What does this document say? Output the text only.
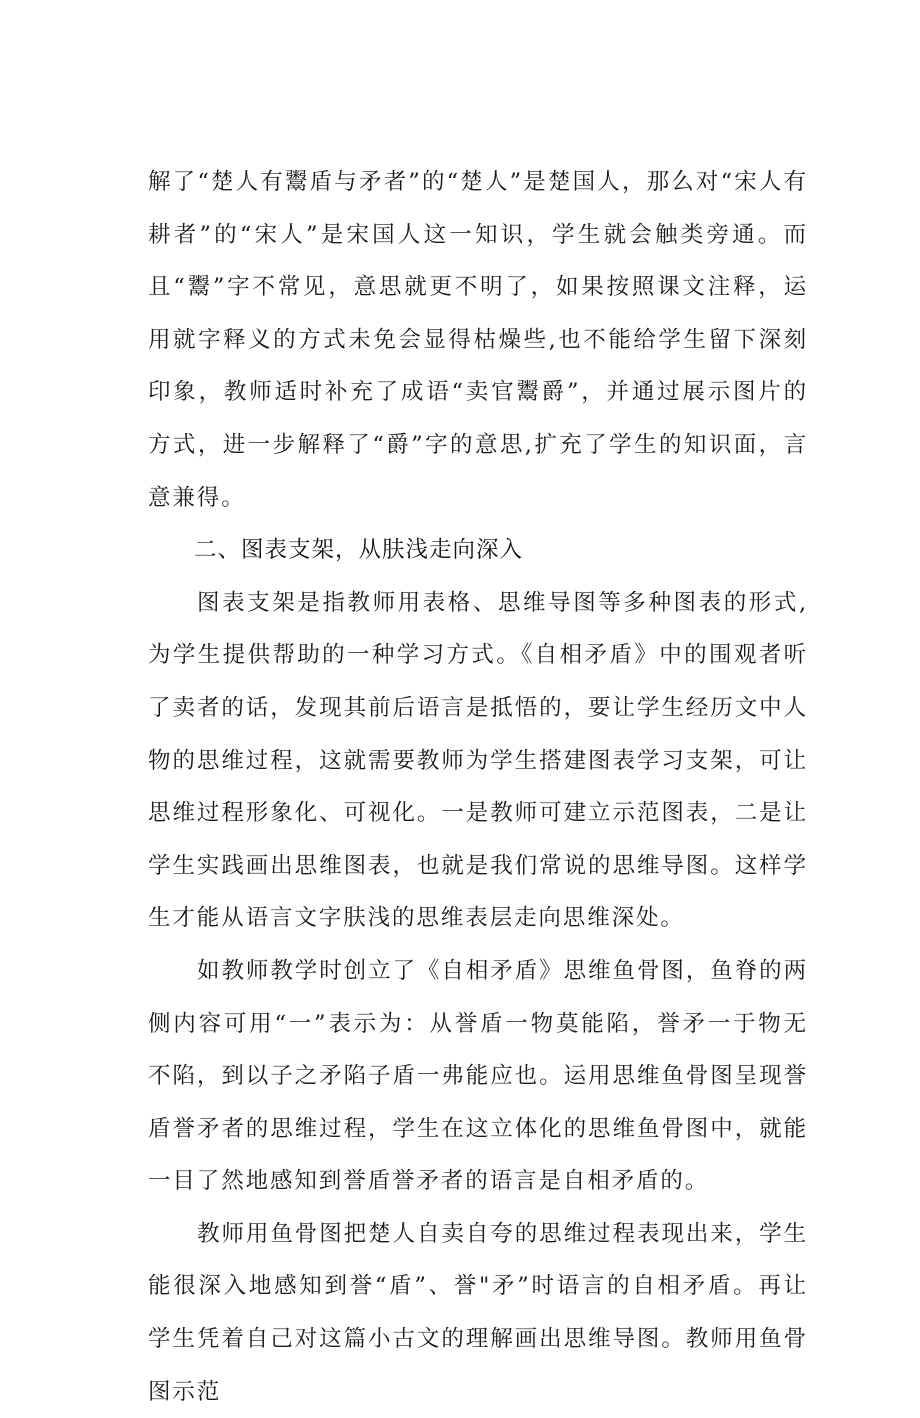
解了“楚人有鬻盾与矛者”的“楚人”是楚国人，那么对“宋人有耕者”的“宋人”是宋国人这一知识，学生就会触类旁通。而且“鬻”字不常见，意思就更不明了，如果按照课文注释，运用就字释义的方式未免会显得枯燥些,也不能给学生留下深刻印象，教师适时补充了成语“卖官鬻爵”，并通过展示图片的方式，进一步解释了“爵”字的意思,扩充了学生的知识面，言意兼得。

二、图表支架，从肤浅走向深入

图表支架是指教师用表格、思维导图等多种图表的形式,为学生提供帮助的一种学习方式。《自相矛盾》中的围观者听了卖者的话，发现其前后语言是抵悟的，要让学生经历文中人物的思维过程，这就需要教师为学生搭建图表学习支架，可让思维过程形象化、可视化。一是教师可建立示范图表，二是让学生实践画出思维图表，也就是我们常说的思维导图。这样学生才能从语言文字肤浅的思维表层走向思维深处。

如教师教学时创立了《自相矛盾》思维鱼骨图，鱼脊的两侧内容可用“一”表示为：从誉盾一物莫能陷，誉矛一于物无不陷，到以子之矛陷子盾一弗能应也。运用思维鱼骨图呈现誉盾誉矛者的思维过程，学生在这立体化的思维鱼骨图中，就能一目了然地感知到誉盾誉矛者的语言是自相矛盾的。

教师用鱼骨图把楚人自卖自夸的思维过程表现出来，学生能很深入地感知到誉“盾”、誉"矛”时语言的自相矛盾。再让学生凭着自己对这篇小古文的理解画出思维导图。教师用鱼骨图示范
